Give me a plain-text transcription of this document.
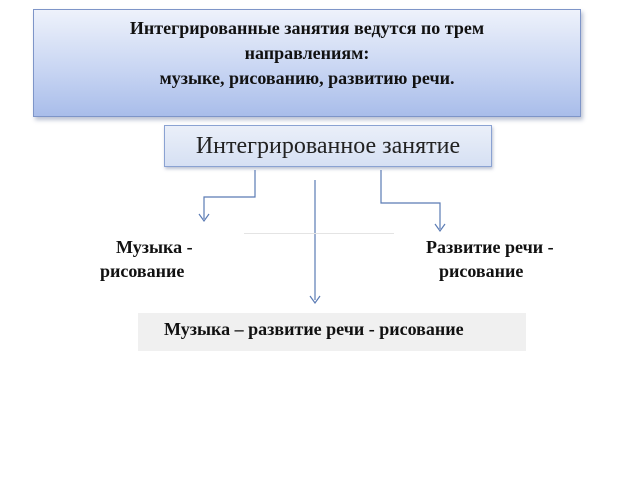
Интегрированные занятия ведутся по трем
направлениям:
музыке, рисованию, развитию речи.
Интегрированное занятие
Музыка -
рисование
Развитие речи -
рисование
Музыка – развитие речи - рисование
